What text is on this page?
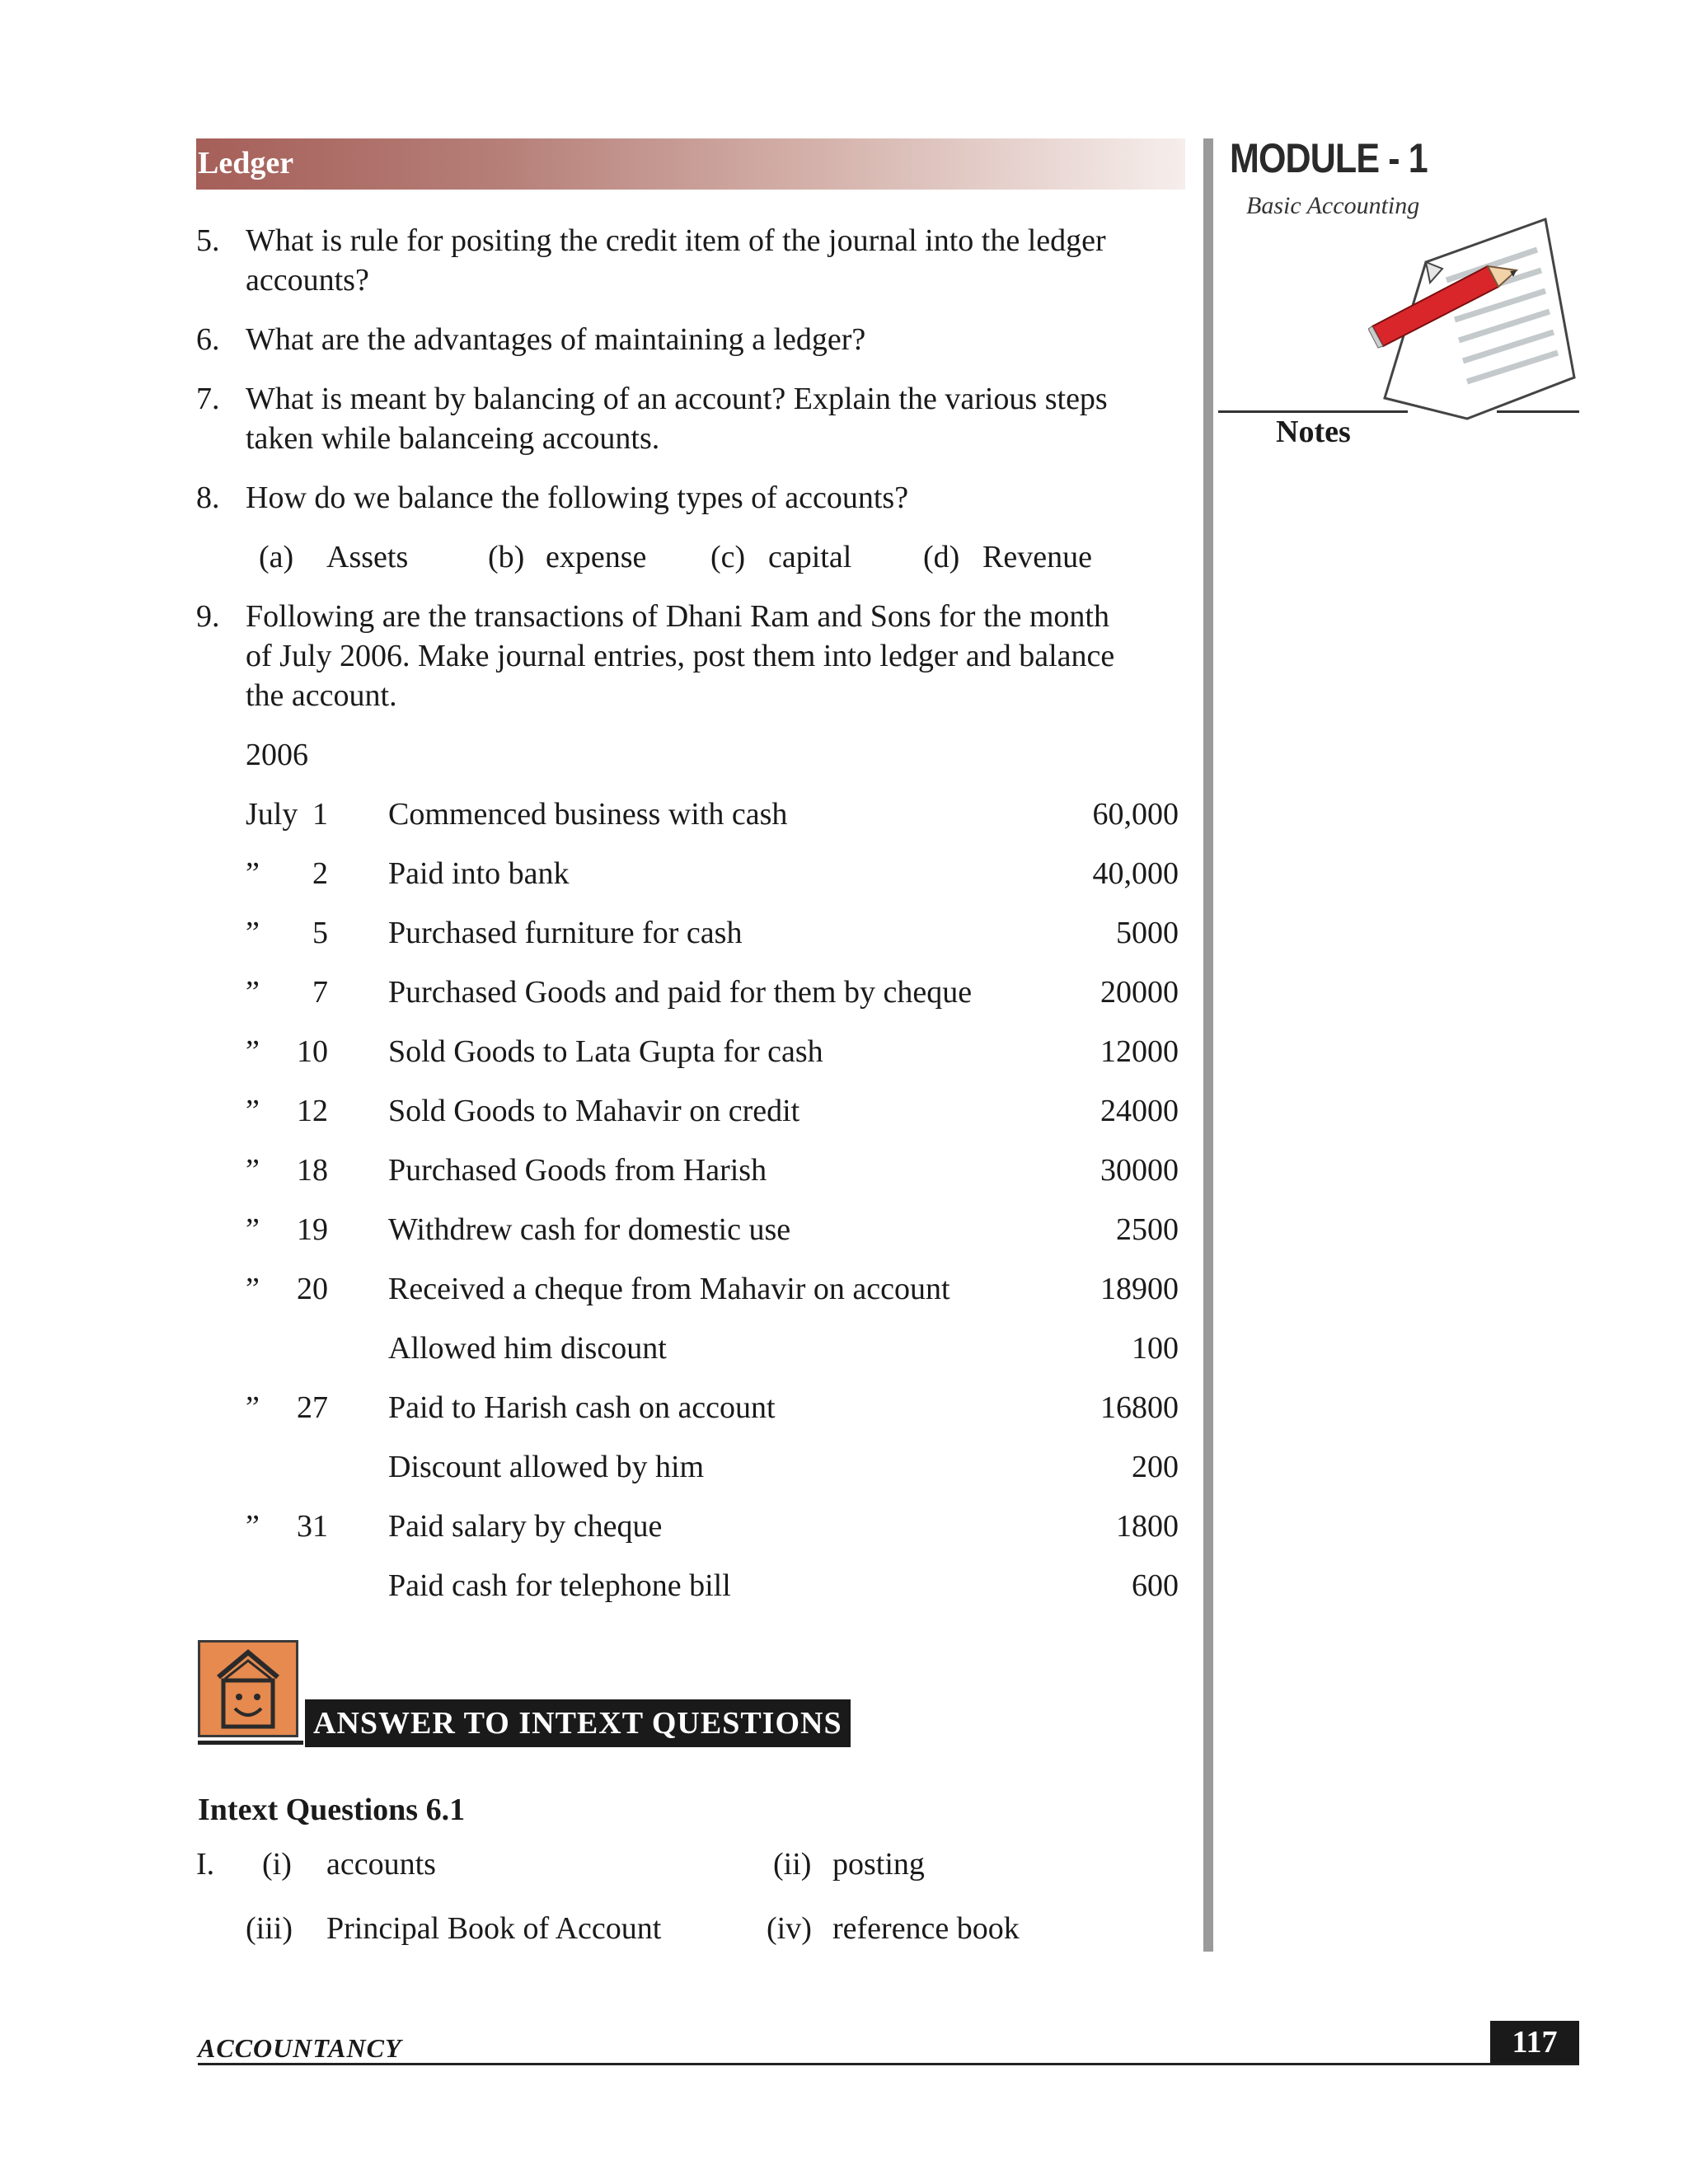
Ledger	MODULE - 1
Basic Accounting
Notes
5. What is rule for positing the credit item of the journal into the ledger
accounts?
6. What are the advantages of maintaining a ledger?
7. What is meant by balancing of an account? Explain the various steps
taken while balanceing accounts.
8. How do we balance the following types of accounts?
(a) Assets	(b) expense (c) capital (d) Revenue
9. Following are the transactions of Dhani Ram and Sons for the month
of July 2006. Make journal entries, post them into ledger and balance
the account.
2006
July 1 Commenced business with cash	60,000
”	2 Paid into bank	40,000
”	5 Purchased furniture for cash	5000
”	7 Purchased Goods and paid for them by cheque	20000
”	10 Sold Goods to Lata Gupta for cash	12000
”	12 Sold Goods to Mahavir on credit	24000
”	18 Purchased Goods from Harish	30000
”	19 Withdrew cash for domestic use	2500
”	20 Received a cheque from Mahavir on account	18900
Allowed him discount	100
”	27 Paid to Harish cash on account	16800
Discount allowed by him	200
”	31 Paid salary by cheque	1800
Paid cash for telephone bill	600
ANSWER TO INTEXT QUESTIONS
Intext Questions 6.1
I. (i) accounts	(ii) posting
(iii) Principal Book of Account	(iv) reference book
ACCOUNTANCY	117
